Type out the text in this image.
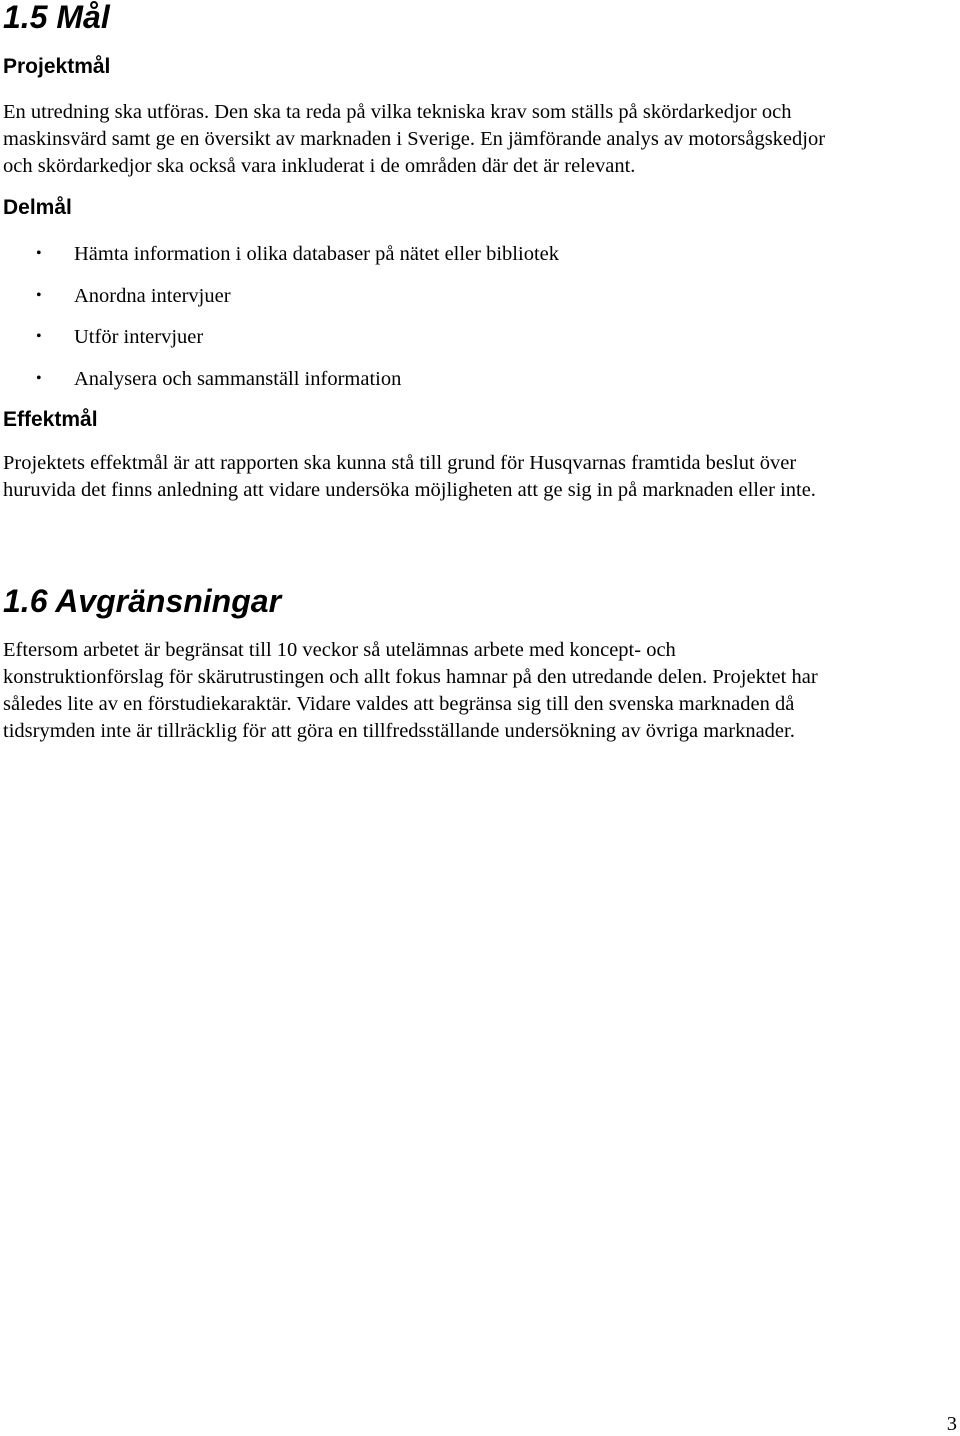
1.5 Mål
Projektmål
En utredning ska utföras. Den ska ta reda på vilka tekniska krav som ställs på skördarkedjor och
maskinsvärd samt ge en översikt av marknaden i Sverige. En jämförande analys av motorsågskedjor
och skördarkedjor ska också vara inkluderat i de områden där det är relevant.
Delmål
• Hämta information i olika databaser på nätet eller bibliotek
• Anordna intervjuer
• Utför intervjuer
• Analysera och sammanställ information
Effektmål
Projektets effektmål är att rapporten ska kunna stå till grund för Husqvarnas framtida beslut över
huruvida det finns anledning att vidare undersöka möjligheten att ge sig in på marknaden eller inte.
1.6 Avgränsningar
Eftersom arbetet är begränsat till 10 veckor så utelämnas arbete med koncept- och
konstruktionförslag för skärutrustingen och allt fokus hamnar på den utredande delen. Projektet har
således lite av en förstudiekaraktär. Vidare valdes att begränsa sig till den svenska marknaden då
tidsrymden inte är tillräcklig för att göra en tillfredsställande undersökning av övriga marknader.
3
